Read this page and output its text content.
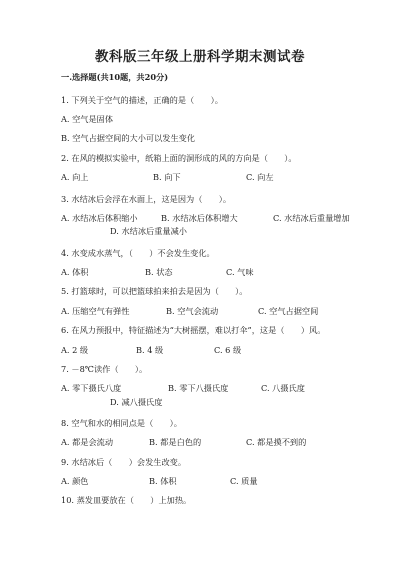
教科版三年级上册科学期末测试卷
一.选择题(共10题，共20分)
1. 下列关于空气的描述，正确的是（　　）。
A. 空气是固体
B. 空气占据空间的大小可以发生变化
2. 在风的模拟实验中，纸箱上面的洞形成的风的方向是（　　）。
A. 向上	B. 向下	C. 向左
3. 水结冰后会浮在水面上，这是因为（　　）。
A. 水结冰后体积缩小	B. 水结冰后体积增大	C. 水结冰后重量增加
D. 水结冰后重量减小
4. 水变成水蒸气，（　　）不会发生变化。
A. 体积	B. 状态	C. 气味
5. 打篮球时，可以把篮球拍来拍去是因为（　　）。
A. 压缩空气有弹性	B. 空气会流动	C. 空气占据空间
6. 在风力预报中，特征描述为“大树摇摆，难以打伞”，这是（　　）风。
A. 2 级	B. 4 级	C. 6 级
7. －8℃读作（　　）。
A. 零下摄氏八度	B. 零下八摄氏度	C. 八摄氏度
D. 减八摄氏度
8. 空气和水的相同点是（　　）。
A. 都是会流动	B. 都是白色的	C. 都是摸不到的
9. 水结冰后（　　）会发生改变。
A. 颜色	B. 体积	C. 质量
10. 蒸发皿要放在（　　）上加热。
